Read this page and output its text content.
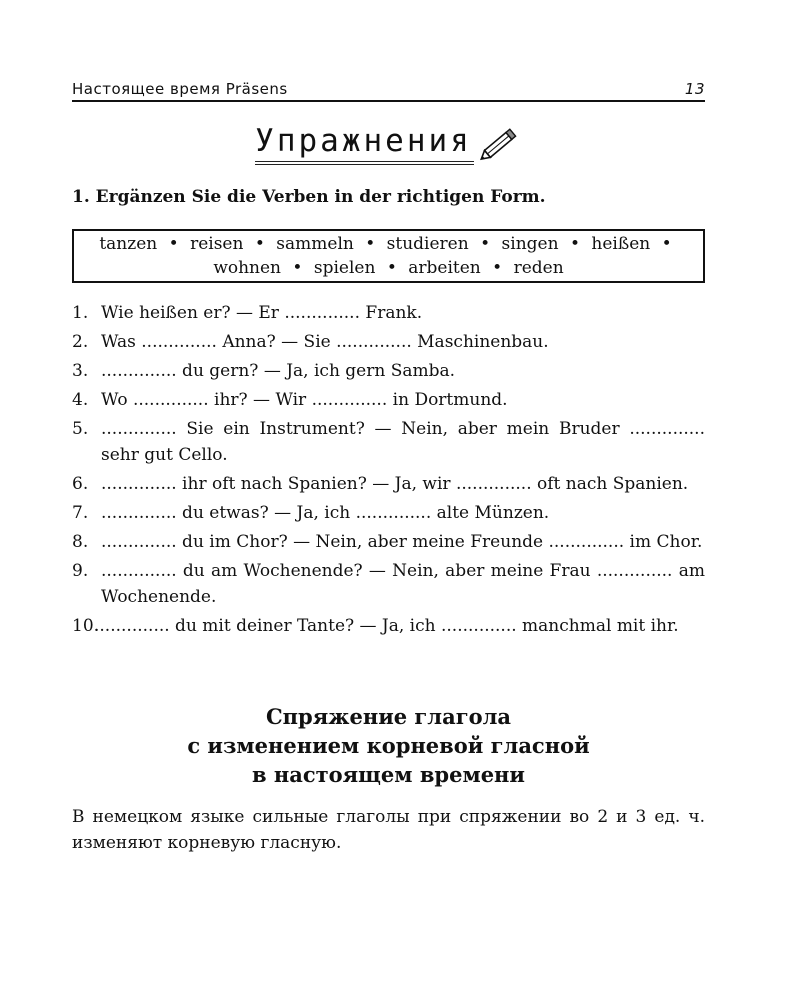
Настоящее время Präsens	13
Упражнения
1. Ergänzen Sie die Verben in der richtigen Form.
tanzen • reisen • sammeln • studieren • singen • heißen • wohnen • spielen • arbeiten • reden
1. Wie heißen er? — Er .............. Frank.
2. Was .............. Anna? — Sie .............. Maschinenbau.
3. .............. du gern? — Ja, ich gern Samba.
4. Wo .............. ihr? — Wir .............. in Dortmund.
5. .............. Sie ein Instrument? — Nein, aber mein Bruder .............. sehr gut Cello.
6. .............. ihr oft nach Spanien? — Ja, wir .............. oft nach Spanien.
7. .............. du etwas? — Ja, ich .............. alte Münzen.
8. .............. du im Chor? — Nein, aber meine Freunde .............. im Chor.
9. .............. du am Wochenende? — Nein, aber meine Frau .............. am Wochenende.
10.
.............. du mit deiner Tante? — Ja, ich .............. manchmal mit ihr.
Спряжение глагола
с изменением корневой гласной
в настоящем времени
В немецком языке сильные глаголы при спряжении во 2 и 3 ед. ч. изменяют корневую гласную.
